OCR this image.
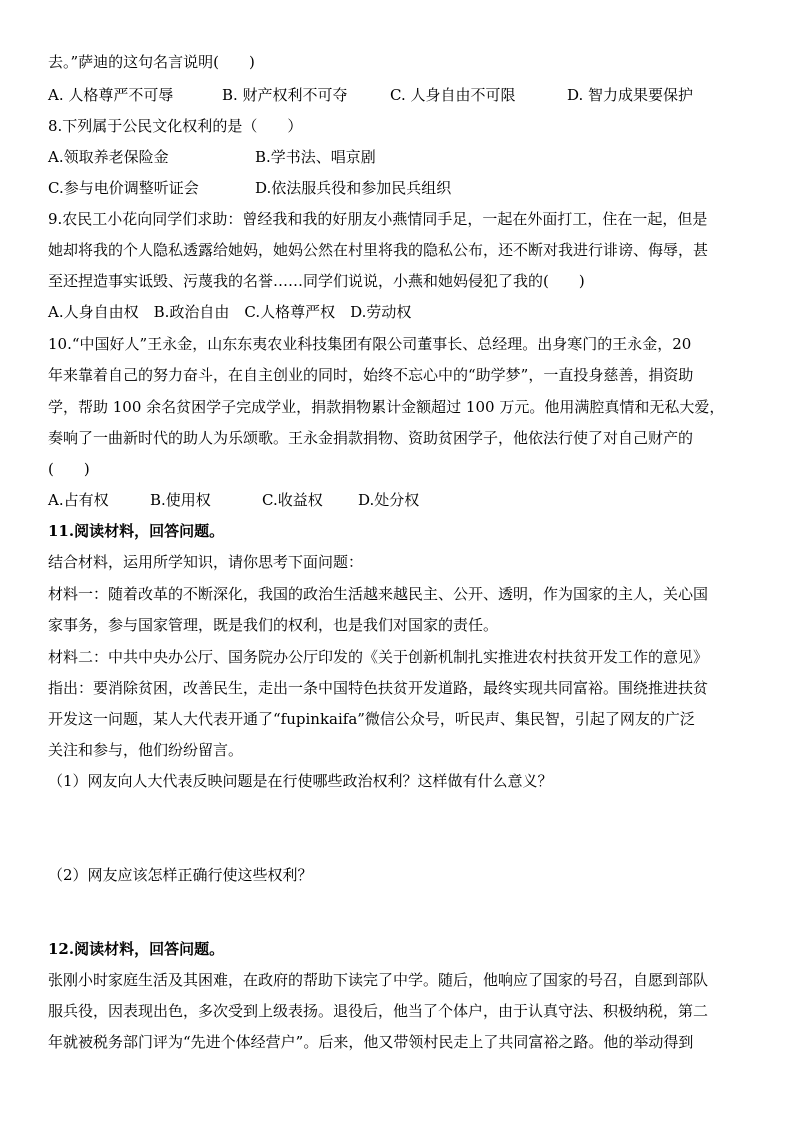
去。”萨迪的这句名言说明(　　)
A. 人格尊严不可辱	B. 财产权利不可夺	C. 人身自由不可限	D. 智力成果要保护
8.下列属于公民文化权利的是（　　）
A.领取养老保险金	B.学书法、唱京剧
C.参与电价调整听证会	D.依法服兵役和参加民兵组织
9.农民工小花向同学们求助：曾经我和我的好朋友小燕情同手足，一起在外面打工，住在一起，但是
她却将我的个人隐私透露给她妈，她妈公然在村里将我的隐私公布，还不断对我进行诽谤、侮辱，甚
至还捏造事实诋毁、污蔑我的名誉……同学们说说，小燕和她妈侵犯了我的(　　)
A.人身自由权　B.政治自由　C.人格尊严权　D.劳动权
10.“中国好人”王永金，山东东夷农业科技集团有限公司董事长、总经理。出身寒门的王永金，20
年来靠着自己的努力奋斗，在自主创业的同时，始终不忘心中的“助学梦”，一直投身慈善，捐资助
学，帮助 100 余名贫困学子完成学业，捐款捐物累计金额超过 100 万元。他用满腔真情和无私大爱，
奏响了一曲新时代的助人为乐颂歌。王永金捐款捐物、资助贫困学子，他依法行使了对自己财产的
(　　)
A.占有权	B.使用权	C.收益权 D.处分权
11.阅读材料，回答问题。
结合材料，运用所学知识，请你思考下面问题：
材料一：随着改革的不断深化，我国的政治生活越来越民主、公开、透明，作为国家的主人，关心国
家事务，参与国家管理，既是我们的权利，也是我们对国家的责任。
材料二：中共中央办公厅、国务院办公厅印发的《关于创新机制扎实推进农村扶贫开发工作的意见》
指出：要消除贫困，改善民生，走出一条中国特色扶贫开发道路，最终实现共同富裕。围绕推进扶贫
开发这一问题，某人大代表开通了“fupinkaifa”微信公众号，听民声、集民智，引起了网友的广泛
关注和参与，他们纷纷留言。
（1）网友向人大代表反映问题是在行使哪些政治权利？这样做有什么意义？
（2）网友应该怎样正确行使这些权利？
12.阅读材料，回答问题。
张刚小时家庭生活及其困难，在政府的帮助下读完了中学。随后，他响应了国家的号召，自愿到部队
服兵役，因表现出色，多次受到上级表扬。退役后，他当了个体户，由于认真守法、积极纳税，第二
年就被税务部门评为“先进个体经营户”。后来，他又带领村民走上了共同富裕之路。他的举动得到
